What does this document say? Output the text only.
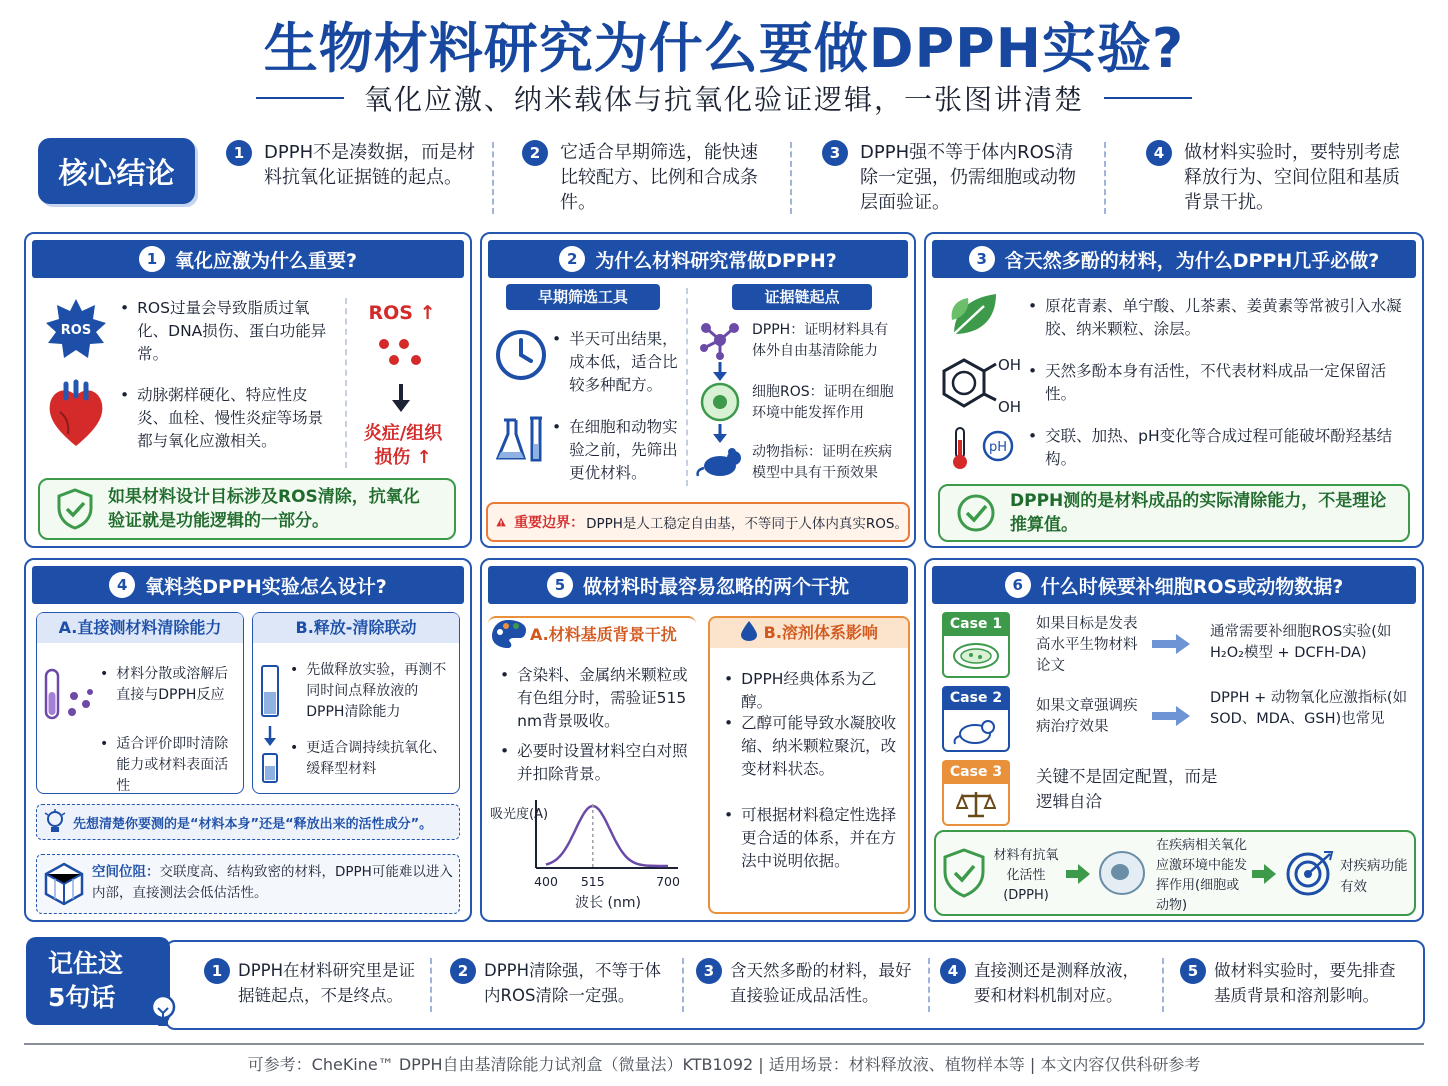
生物材料研究为什么要做DPPH实验?
氧化应激、纳米载体与抗氧化验证逻辑，一张图讲清楚
核心结论
1	DPPH不是凑数据，而是材料抗氧化证据链的起点。
2	它适合早期筛选，能快速比较配方、比例和合成条件。
3	DPPH强不等于体内ROS清除一定强，仍需细胞或动物层面验证。
4	做材料实验时，要特别考虑释放行为、空间位阻和基质背景干扰。
1 氧化应激为什么重要?
ROS
• ROS过量会导致脂质过氧化、DNA损伤、蛋白功能异常。
• 动脉粥样硬化、特应性皮炎、血栓、慢性炎症等场景都与氧化应激相关。
ROS ↑
炎症/组织损伤 ↑
如果材料设计目标涉及ROS清除，抗氧化验证就是功能逻辑的一部分。
2 为什么材料研究常做DPPH?
早期筛选工具	证据链起点
• 半天可出结果，成本低，适合比较多种配方。
• 在细胞和动物实验之前，先筛出更优材料。
DPPH：证明材料具有体外自由基清除能力
细胞ROS：证明在细胞环境中能发挥作用
动物指标：证明在疾病模型中具有干预效果
重要边界： DPPH是人工稳定自由基，不等同于人体内真实ROS。
3 含天然多酚的材料，为什么DPPH几乎必做?
• 原花青素、单宁酸、儿茶素、姜黄素等常被引入水凝胶、纳米颗粒、涂层。
OH
OH
• 天然多酚本身有活性，不代表材料成品一定保留活性。
pH
• 交联、加热、pH变化等合成过程可能破坏酚羟基结构。
DPPH测的是材料成品的实际清除能力，不是理论推算值。
4 氧料类DPPH实验怎么设计?
A.直接测材料清除能力
• 材料分散或溶解后直接与DPPH反应
• 适合评价即时清除能力或材料表面活性
B.释放-清除联动
• 先做释放实验，再测不同时间点释放液的DPPH清除能力
• 更适合调持续抗氧化、缓释型材料
先想清楚你要测的是“材料本身”还是“释放出来的活性成分”。
空间位阻：交联度高、结构致密的材料，DPPH可能难以进入内部，直接测法会低估活性。
5 做材料时最容易忽略的两个干扰
A.材料基质背景干扰
• 含染料、金属纳米颗粒或有色组分时，需验证515 nm背景吸收。
• 必要时设置材料空白对照并扣除背景。
吸光度(A)
400 515	700
波长 (nm)
B.溶剂体系影响
• DPPH经典体系为乙醇。
• 乙醇可能导致水凝胶收缩、纳米颗粒聚沉，改变材料状态。
• 可根据材料稳定性选择更合适的体系，并在方法中说明依据。
6 什么时候要补细胞ROS或动物数据?
Case 1	如果目标是发表高水平生物材料论文
通常需要补细胞ROS实验(如H₂O₂模型 + DCFH-DA)
Case 2	如果文章强调疾病治疗效果
DPPH + 动物氧化应激指标(如SOD、MDA、GSH)也常见
Case 3	关键不是固定配置，而是逻辑自洽
材料有抗氧化活性(DPPH)
在疾病相关氧化应激环境中能发挥作用(细胞或动物)
对疾病功能有效
记住这5句话
1 DPPH在材料研究里是证据链起点，不是终点。
2 DPPH清除强，不等于体内ROS清除一定强。
3 含天然多酚的材料，最好直接验证成品活性。
4 直接测还是测释放液，要和材料机制对应。
5 做材料实验时，要先排查基质背景和溶剂影响。
可参考：CheKine™ DPPH自由基清除能力试剂盒（微量法）KTB1092 | 适用场景：材料释放液、植物样本等 | 本文内容仅供科研参考
